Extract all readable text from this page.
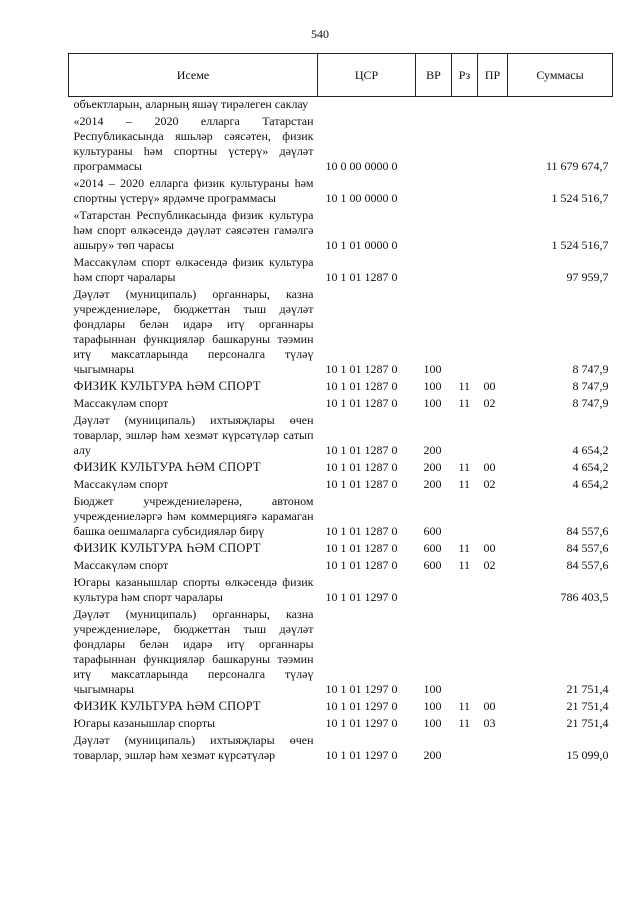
540
Исеме	ЦСР	ВР	Рз	ПР	Суммасы
объектларын, аларның яшәү тирәлеген саклау					
«2014 – 2020 елларга Татарстан Республикасында яшьләр сәясәтен, физик культураны һәм спортны үстерү» дәүләт программасы	10 0 00 0000 0				11 679 674,7
«2014 – 2020 елларга физик культураны һәм спортны үстерү» ярдәмче программасы	10 1 00 0000 0				1 524 516,7
«Татарстан Республикасында физик культура һәм спорт өлкәсендә дәүләт сәясәтен гамәлгә ашыру» төп чарасы	10 1 01 0000 0				1 524 516,7
Массакүләм спорт өлкәсендә физик культура һәм спорт чаралары	10 1 01 1287 0				97 959,7
Дәүләт (муниципаль) органнары, казна учреждениеләре, бюджеттан тыш дәүләт фондлары белән идарә итү органнары тарафыннан функцияләр башкаруны тәэмин итү максатларында персоналга түләү чыгымнары	10 1 01 1287 0	100			8 747,9
ФИЗИК КУЛЬТУРА ҺӘМ СПОРТ	10 1 01 1287 0	100	11	00	8 747,9
Массакүләм спорт	10 1 01 1287 0	100	11	02	8 747,9
Дәүләт (муниципаль) ихтыяҗлары өчен товарлар, эшләр һәм хезмәт күрсәтүләр сатып алу	10 1 01 1287 0	200			4 654,2
ФИЗИК КУЛЬТУРА ҺӘМ СПОРТ	10 1 01 1287 0	200	11	00	4 654,2
Массакүләм спорт	10 1 01 1287 0	200	11	02	4 654,2
Бюджет учреждениеләренә, автоном учреждениеләргә һәм коммерциягә карамаган башка оешмаларга субсидияләр бирү	10 1 01 1287 0	600			84 557,6
ФИЗИК КУЛЬТУРА ҺӘМ СПОРТ	10 1 01 1287 0	600	11	00	84 557,6
Массакүләм спорт	10 1 01 1287 0	600	11	02	84 557,6
Югары казанышлар спорты өлкәсендә физик культура һәм спорт чаралары	10 1 01 1297 0				786 403,5
Дәүләт (муниципаль) органнары, казна учреждениеләре, бюджеттан тыш дәүләт фондлары белән идарә итү органнары тарафыннан функцияләр башкаруны тәэмин итү максатларында персоналга түләү чыгымнары	10 1 01 1297 0	100			21 751,4
ФИЗИК КУЛЬТУРА ҺӘМ СПОРТ	10 1 01 1297 0	100	11	00	21 751,4
Югары казанышлар спорты	10 1 01 1297 0	100	11	03	21 751,4
Дәүләт (муниципаль) ихтыяҗлары өчен товарлар, эшләр һәм хезмәт күрсәтүләр	10 1 01 1297 0	200			15 099,0
